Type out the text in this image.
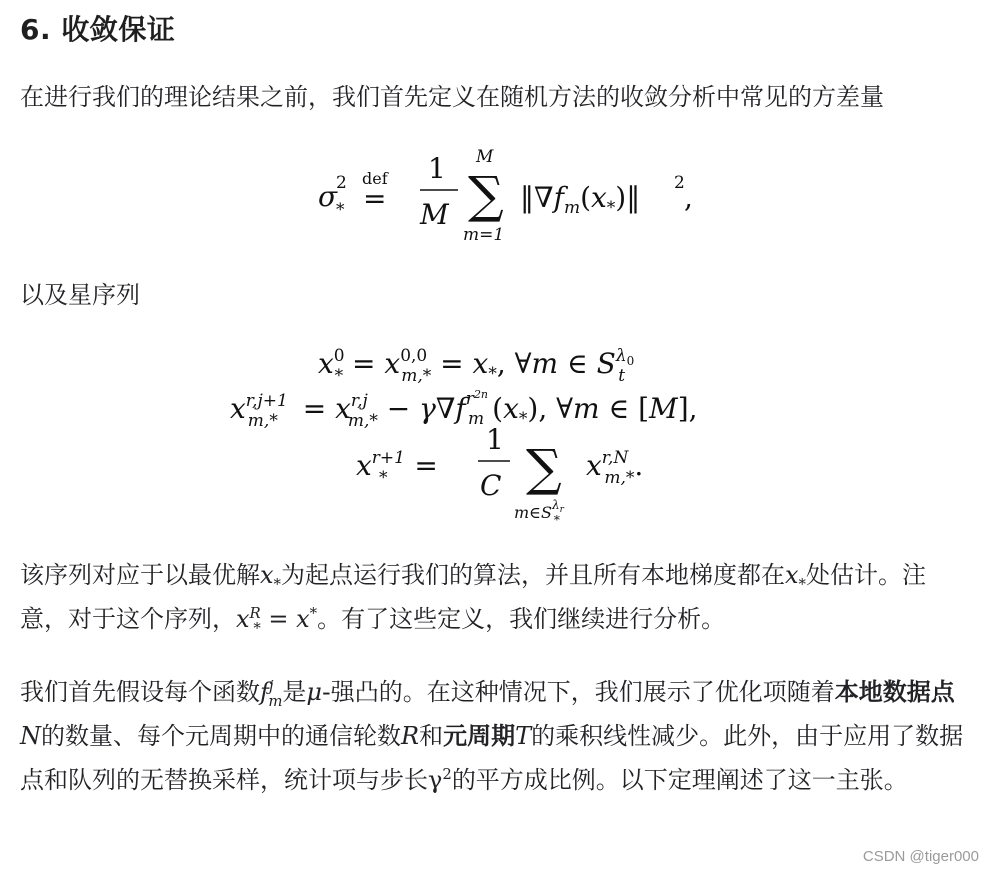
6. 收敛保证

在进行我们的理论结果之前，我们首先定义在随机方法的收敛分析中常见的方差量

σ
2
*
def
=
1
M
M
∑
m=1
$‖\nabla f_m(x_*)‖$ 2 ,

以及星序列

$x^0$ * = $x^{0,0}$ $m,* = x_*$, ∀m ∈ $S^\lambda 0$ t
$x^{r,j+1}$ $m,* = x^{r,j}$ $m,* - \gamma\nabla f^{r2n}$ m $(x_*)$, ∀m ∈ [M],
$x^{r+1}$ * =
1
C ∑
$m\in S^\lambda r$ *
$x^{r,N}$ m,*.

该序列对应于以最优解$x_*$为起点运行我们的算法，并且所有本地梯度都在$x_*$处估计。注意，对于这个序列，$x^R_* = x^*$。有了这些定义，我们继续进行分析。

我们首先假设每个函数$f^j_m$是μ-强凸的。在这种情况下，我们展示了优化项随着本地数据点N的数量、每个元周期中的通信轮数R和元周期T的乘积线性减少。此外，由于应用了数据点和队列的无替换采样，统计项与步长$\gamma^2$的平方成比例。以下定理阐述了这一主张。

CSDN @tiger000
